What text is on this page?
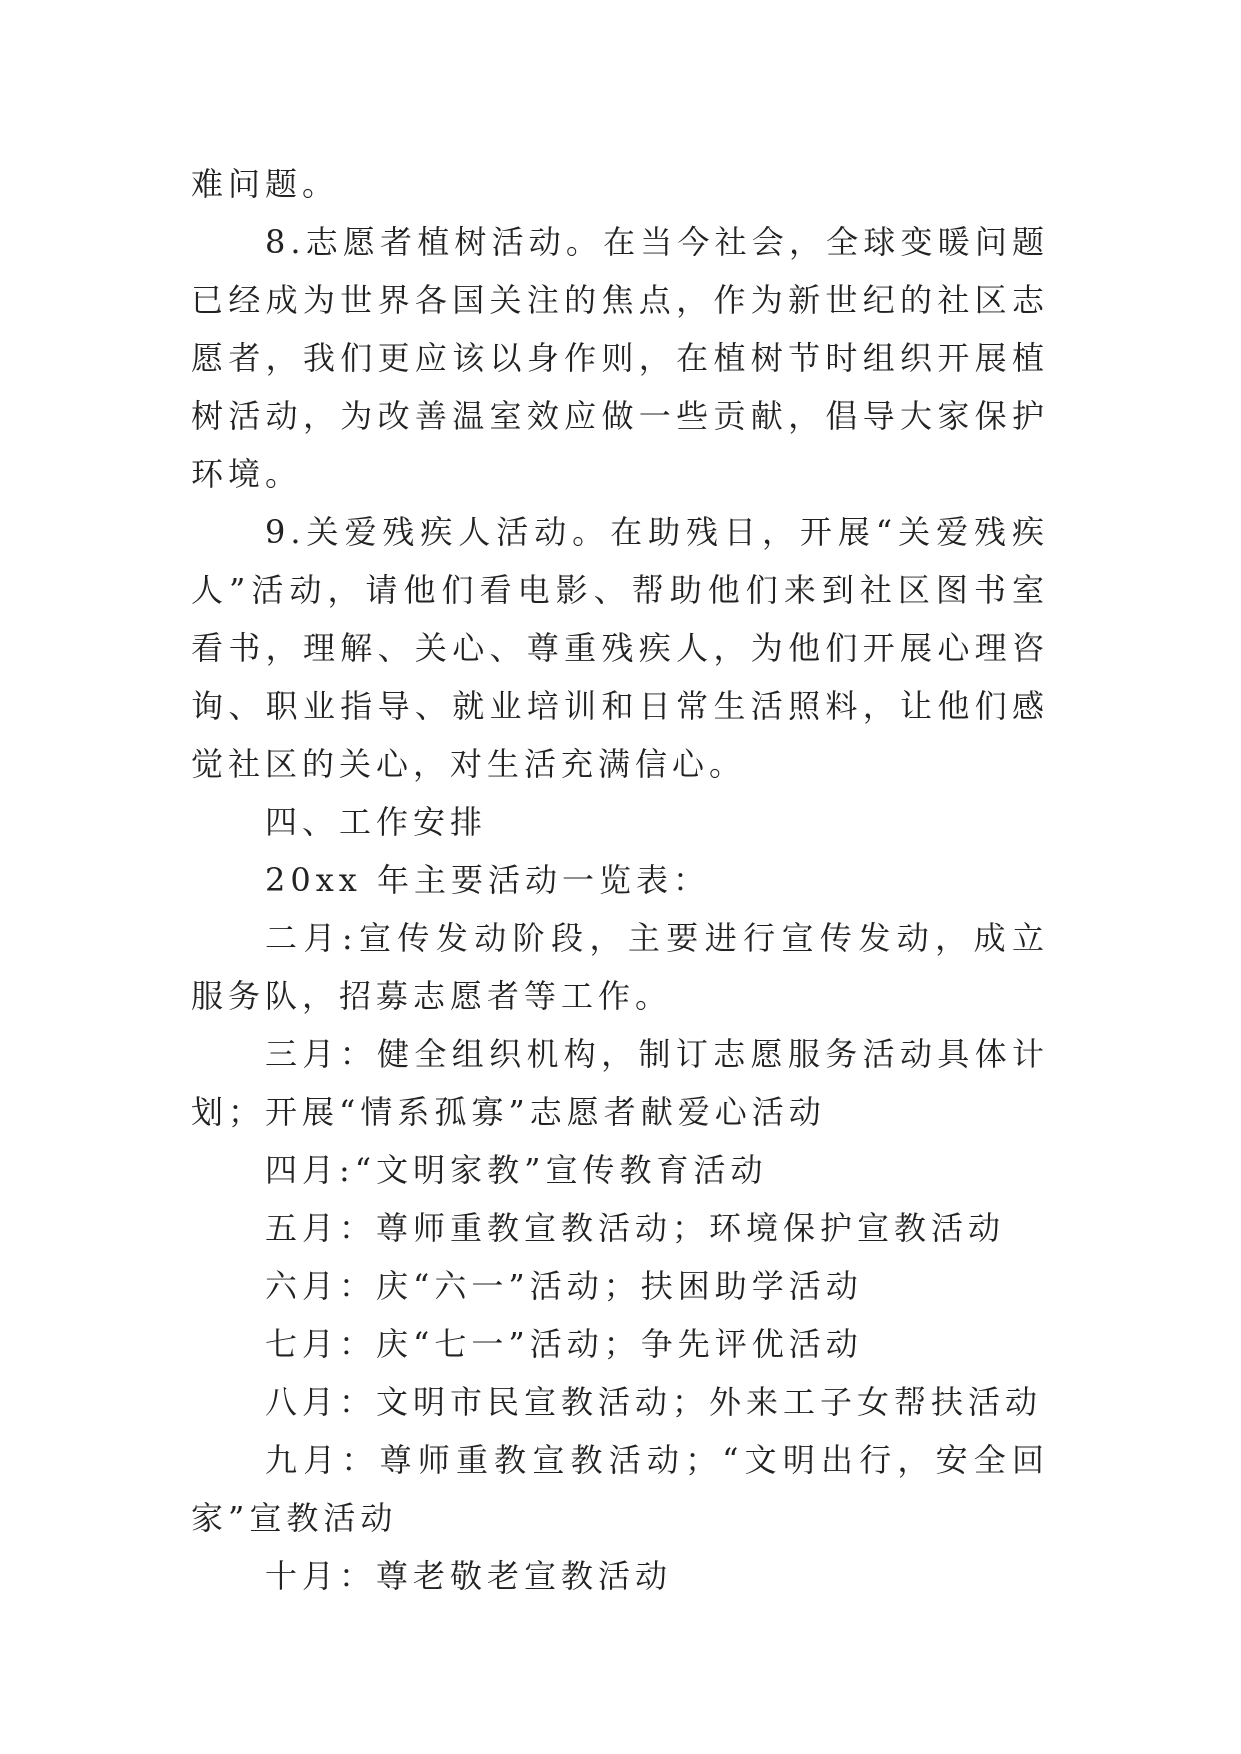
难问题。

8.志愿者植树活动。在当今社会，全球变暖问题已经成为世界各国关注的焦点，作为新世纪的社区志愿者，我们更应该以身作则，在植树节时组织开展植树活动，为改善温室效应做一些贡献，倡导大家保护环境。

9.关爱残疾人活动。在助残日，开展“关爱残疾人”活动，请他们看电影、帮助他们来到社区图书室看书，理解、关心、尊重残疾人，为他们开展心理咨询、职业指导、就业培训和日常生活照料，让他们感觉社区的关心，对生活充满信心。

四、工作安排

20xx 年主要活动一览表：

二月:宣传发动阶段，主要进行宣传发动，成立服务队，招募志愿者等工作。

三月：健全组织机构，制订志愿服务活动具体计划；开展“情系孤寡”志愿者献爱心活动

四月:“文明家教”宣传教育活动

五月：尊师重教宣教活动；环境保护宣教活动

六月：庆“六一”活动；扶困助学活动

七月：庆“七一”活动；争先评优活动

八月：文明市民宣教活动；外来工子女帮扶活动

九月：尊师重教宣教活动；“文明出行，安全回家”宣教活动

十月：尊老敬老宣教活动
